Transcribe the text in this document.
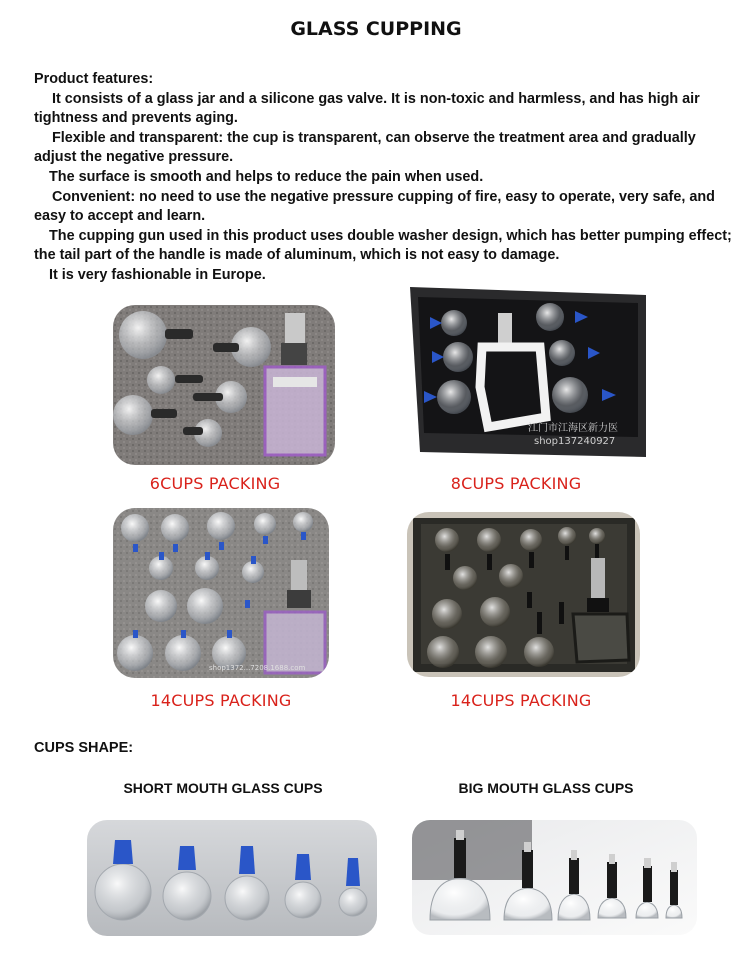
GLASS CUPPING

Product features:

It consists of a glass jar and a silicone gas valve. It is non-toxic and harmless, and has high air tightness and prevents aging.

Flexible and transparent: the cup is transparent, can observe the treatment area and gradually adjust the negative pressure.

The surface is smooth and helps to reduce the pain when used.

Convenient: no need to use the negative pressure cupping of fire, easy to operate, very safe, and easy to accept and learn.

The cupping gun used in this product uses double washer design, which has better pumping effect; the tail part of the handle is made of aluminum, which is not easy to damage.

It is very fashionable in Europe.

6CUPS PACKING
江门市江海区新力医
shop137240927
8CUPS PACKING
shop1372...7208.1688.com
14CUPS PACKING	14CUPS PACKING
CUPS SHAPE:
SHORT MOUTH GLASS CUPS	BIG MOUTH GLASS CUPS
